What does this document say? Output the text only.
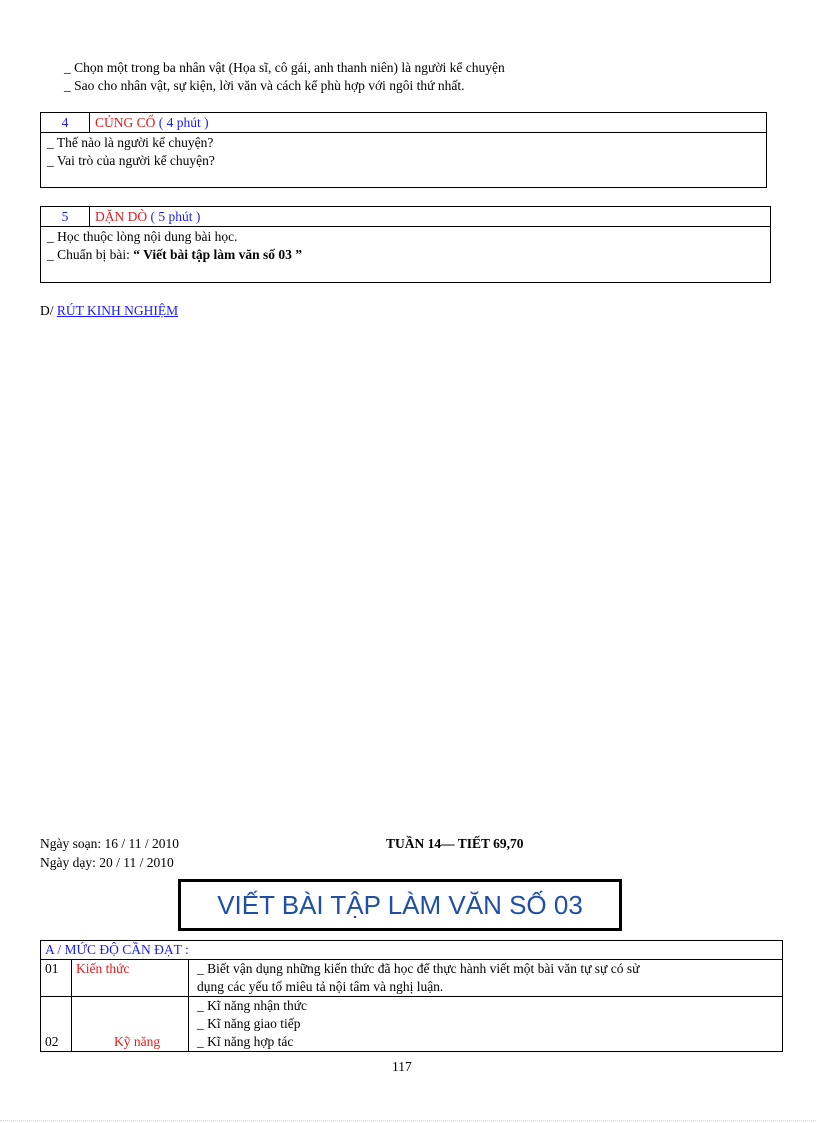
_ Chọn một trong ba nhân vật (Họa sĩ, cô gái, anh thanh niên) là người kể chuyện
_ Sao cho nhân vật, sự kiện, lời văn và cách kể phù hợp với ngôi thứ nhất.
4	CỦNG CỐ ( 4 phút )
_ Thế nào là người kể chuyện?
_ Vai trò của người kể chuyện?
5	DẶN DÒ ( 5 phút )
_ Học thuộc lòng nội dung bài học.
_ Chuẩn bị bài: “ Viết bài tập làm văn số 03 ”
D/ RÚT KINH NGHIỆM
Ngày soạn: 16 / 11 / 2010
Ngày dạy: 20 / 11 / 2010
TUẦN 14— TIẾT 69,70
VIẾT BÀI TẬP LÀM VĂN SỐ 03
A / MỨC ĐỘ CẦN ĐẠT :		
01	Kiến thức	_ Biết vận dụng những kiến thức đã học để thực hành viết một bài văn tự sự có sử
dụng các yếu tố miêu tả nội tâm và nghị luận.

02	Kỹ năng	_ Kĩ năng nhận thức
_ Kĩ năng giao tiếp
_ Kĩ năng hợp tác
117
